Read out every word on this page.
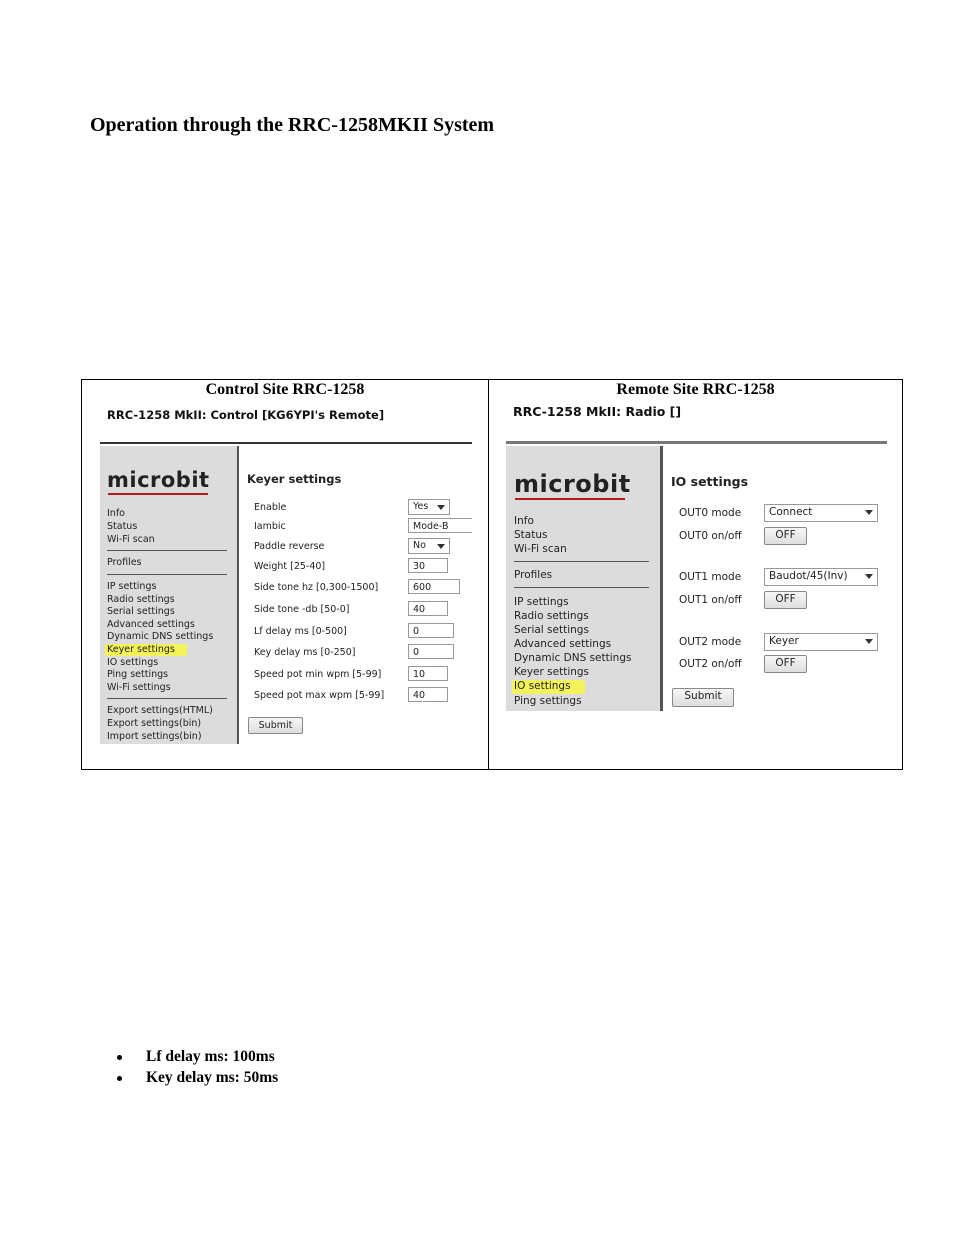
Operation through the RRC-1258MKII System
Control Site RRC-1258	Remote Site RRC-1258
RRC-1258 MkII: Control [KG6YPI's Remote]
microbit
Info
Status
Wi-Fi scan
Profiles
IP settings
Radio settings
Serial settings
Advanced settings
Dynamic DNS settings
Keyer settings
IO settings
Ping settings
Wi-Fi settings
Export settings(HTML)
Export settings(bin)
Import settings(bin)
Keyer settings
Enable	Yes
Iambic	Mode-B
Paddle reverse	No
Weight [25-40]	30
Side tone hz [0,300-1500]	600
Side tone -db [50-0]	40
Lf delay ms [0-500]	0
Key delay ms [0-250]	0
Speed pot min wpm [5-99]	10
Speed pot max wpm [5-99]	40
Submit
RRC-1258 MkII: Radio []
microbit
Info
Status
Wi-Fi scan
Profiles
IP settings
Radio settings
Serial settings
Advanced settings
Dynamic DNS settings
Keyer settings
IO settings
Ping settings
IO settings
OUT0 mode	Connect
OUT0 on/off	OFF
OUT1 mode	Baudot/45(Inv)
OUT1 on/off	OFF
OUT2 mode	Keyer
OUT2 on/off	OFF
Submit
Lf delay ms: 100ms
Key delay ms: 50ms
